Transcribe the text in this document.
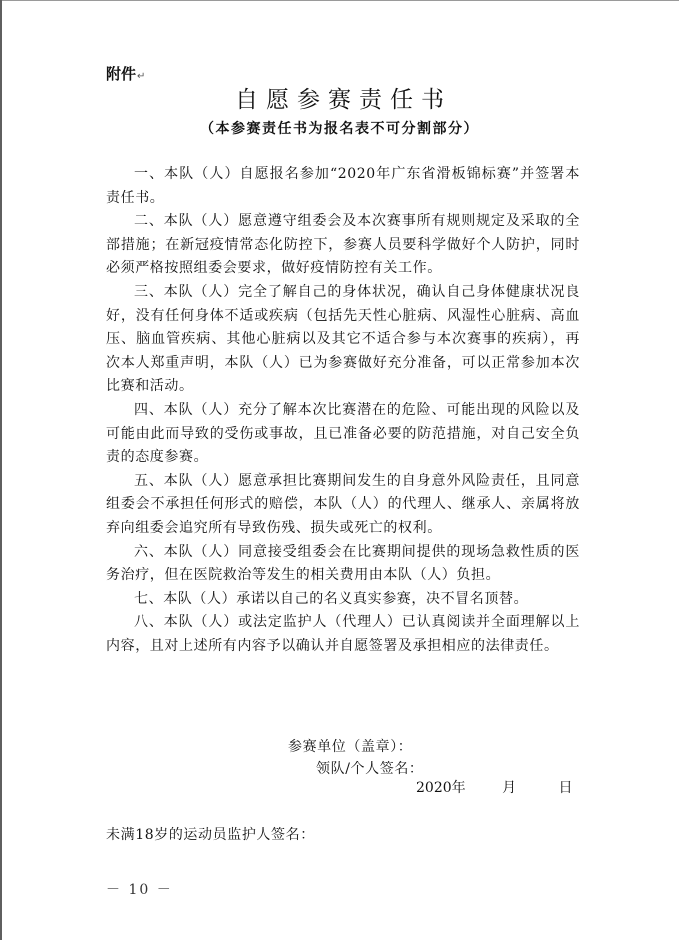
附件↵
自愿参赛责任书
（本参赛责任书为报名表不可分割部分）

一、本队（人）自愿报名参加“2020年广东省滑板锦标赛”并签署本责任书。

二、本队（人）愿意遵守组委会及本次赛事所有规则规定及采取的全部措施；在新冠疫情常态化防控下，参赛人员要科学做好个人防护，同时必须严格按照组委会要求，做好疫情防控有关工作。

三、本队（人）完全了解自己的身体状况，确认自己身体健康状况良好，没有任何身体不适或疾病（包括先天性心脏病、风湿性心脏病、高血压、脑血管疾病、其他心脏病以及其它不适合参与本次赛事的疾病），再次本人郑重声明，本队（人）已为参赛做好充分准备，可以正常参加本次比赛和活动。

四、本队（人）充分了解本次比赛潜在的危险、可能出现的风险以及可能由此而导致的受伤或事故，且已准备必要的防范措施，对自己安全负责的态度参赛。

五、本队（人）愿意承担比赛期间发生的自身意外风险责任，且同意组委会不承担任何形式的赔偿，本队（人）的代理人、继承人、亲属将放弃向组委会追究所有导致伤残、损失或死亡的权利。

六、本队（人）同意接受组委会在比赛期间提供的现场急救性质的医务治疗，但在医院救治等发生的相关费用由本队（人）负担。

七、本队（人）承诺以自己的名义真实参赛，决不冒名顶替。

八、本队（人）或法定监护人（代理人）已认真阅读并全面理解以上内容，且对上述所有内容予以确认并自愿签署及承担相应的法律责任。

参赛单位（盖章）：
领队/个人签名：
2020年	月	日
未满18岁的运动员监护人签名：
－ 10 －
